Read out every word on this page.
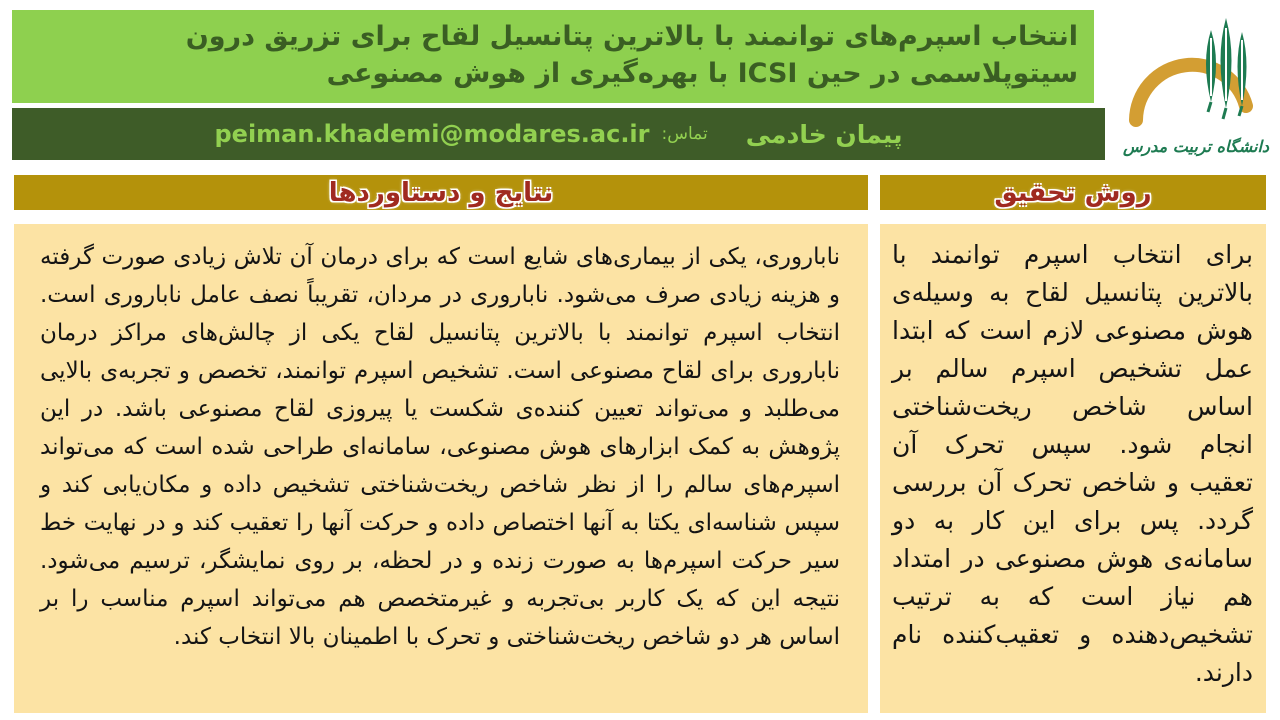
انتخاب اسپرم‌های توانمند با بالاترین پتانسیل لقاح برای تزریق درون سیتوپلاسمی در حین ICSI با بهره‌گیری از هوش مصنوعی
پیمان خادمی
تماس:
peiman.khademi@modares.ac.ir	دانشگاه تربیت مدرس
نتایج و دستاوردها
ناباروری، یکی از بیماری‌های شایع است که برای درمان آن تلاش زیادی صورت گرفته و هزینه زیادی صرف می‌شود. ناباروری در مردان، تقریباً نصف عامل ناباروری است. انتخاب اسپرم توانمند با بالاترین پتانسیل لقاح یکی از چالش‌های مراکز درمان ناباروری برای لقاح مصنوعی است. تشخیص اسپرم توانمند، تخصص و تجربه‌ی بالایی می‌طلبد و می‌تواند تعیین کننده‌ی شکست یا پیروزی لقاح مصنوعی باشد. در این پژوهش به کمک ابزارهای هوش مصنوعی، سامانه‌ای طراحی شده است که می‌تواند اسپرم‌های سالم را از نظر شاخص ریخت‌شناختی تشخیص داده و مکان‌یابی کند و سپس شناسه‌ای یکتا به آنها اختصاص داده و حرکت آنها را تعقیب کند و در نهایت خط سیر حرکت اسپرم‌ها به صورت زنده و در لحظه، بر روی نمایشگر، ترسیم می‌شود. نتیجه این که یک کاربر بی‌تجربه و غیرمتخصص هم می‌تواند اسپرم مناسب را بر اساس هر دو شاخص ریخت‌شناختی و تحرک با اطمینان بالا انتخاب کند.
روش تحقیق
برای انتخاب اسپرم توانمند با بالاترین پتانسیل لقاح به وسیله‌ی هوش مصنوعی لازم است که ابتدا عمل تشخیص اسپرم سالم بر اساس شاخص ریخت‌شناختی انجام شود. سپس تحرک آن تعقیب و شاخص تحرک آن بررسی گردد. پس برای این کار به دو سامانه‌ی هوش مصنوعی در امتداد هم نیاز است که به ترتیب تشخیص‌دهنده و تعقیب‌کننده نام دارند.
